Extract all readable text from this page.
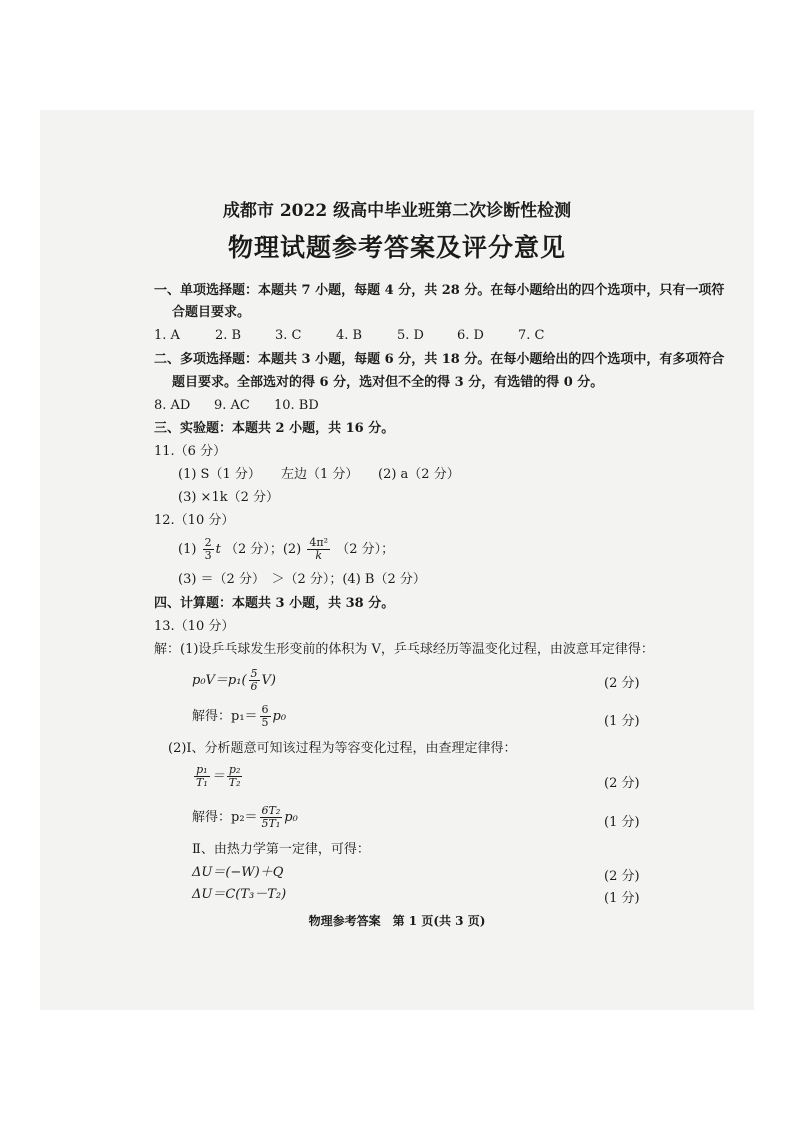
成都市 2022 级高中毕业班第二次诊断性检测
物理试题参考答案及评分意见
一、单项选择题：本题共 7 小题，每题 4 分，共 28 分。在每小题给出的四个选项中，只有一项符
合题目要求。
1. A	2. B	3. C	4. B	5. D	6. D	7. C
二、多项选择题：本题共 3 小题，每题 6 分，共 18 分。在每小题给出的四个选项中，有多项符合
题目要求。全部选对的得 6 分，选对但不全的得 3 分，有选错的得 0 分。
8. AD 9. AC 10. BD
三、实验题：本题共 2 小题，共 16 分。
11.（6 分）
(1) S（1 分） 左边（1 分） (2) a（2 分）
(3) ×1k（2 分）
12.（10 分）
$(1) \frac{2}{3}$ t （2 分）；$(2) \frac{\text{4π²}}{k} (2$ 分）；
(3) ＝（2 分）　＞（2 分）；(4) B（2 分）
四、计算题：本题共 3 小题，共 38 分。
13.（10 分）
解：(1)设乒乓球发生形变前的体积为 V，乒乓球经历等温变化过程，由波意耳定律得：
$p_0V=p_1( \frac{5}{6} V)$	(2 分)
解得：$p_1= \frac{6}{5} p_0$	(1 分)
(2)Ⅰ、分析题意可知该过程为等容变化过程，由查理定律得：
$\frac{\text{p₁}}{\text{T₁}} = \frac{\text{p₂}}{\text{T₂}}$	(2 分)
解得：$p_2= \frac{\text{6T₂}}{\text{5T₁}} p_0$	(1 分)
Ⅱ、由热力学第一定律，可得：
ΔU＝(−W)＋Q	(2 分)
ΔU＝C(T₃－T₂)	(1 分)
物理参考答案　第 1 页(共 3 页)
